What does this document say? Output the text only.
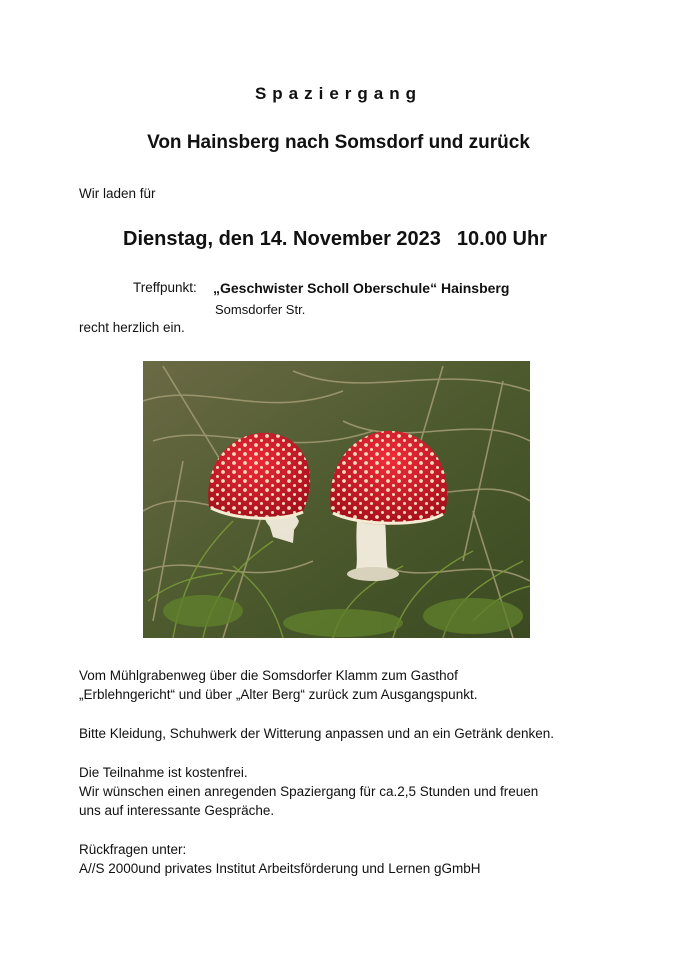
Spaziergang
Von Hainsberg nach Somsdorf und zurück
Wir laden für
Dienstag, den 14. November 2023 10.00 Uhr
Treffpunkt: „Geschwister Scholl Oberschule“ Hainsberg
Somsdorfer Str.
recht herzlich ein.
Vom Mühlgrabenweg über die Somsdorfer Klamm zum Gasthof
„Erblehngericht“ und über „Alter Berg“ zurück zum Ausgangspunkt.
Bitte Kleidung, Schuhwerk der Witterung anpassen und an ein Getränk denken.
Die Teilnahme ist kostenfrei.
Wir wünschen einen anregenden Spaziergang für ca.2,5 Stunden und freuen
uns auf interessante Gespräche.
Rückfragen unter:
A//S 2000und privates Institut Arbeitsförderung und Lernen gGmbH
